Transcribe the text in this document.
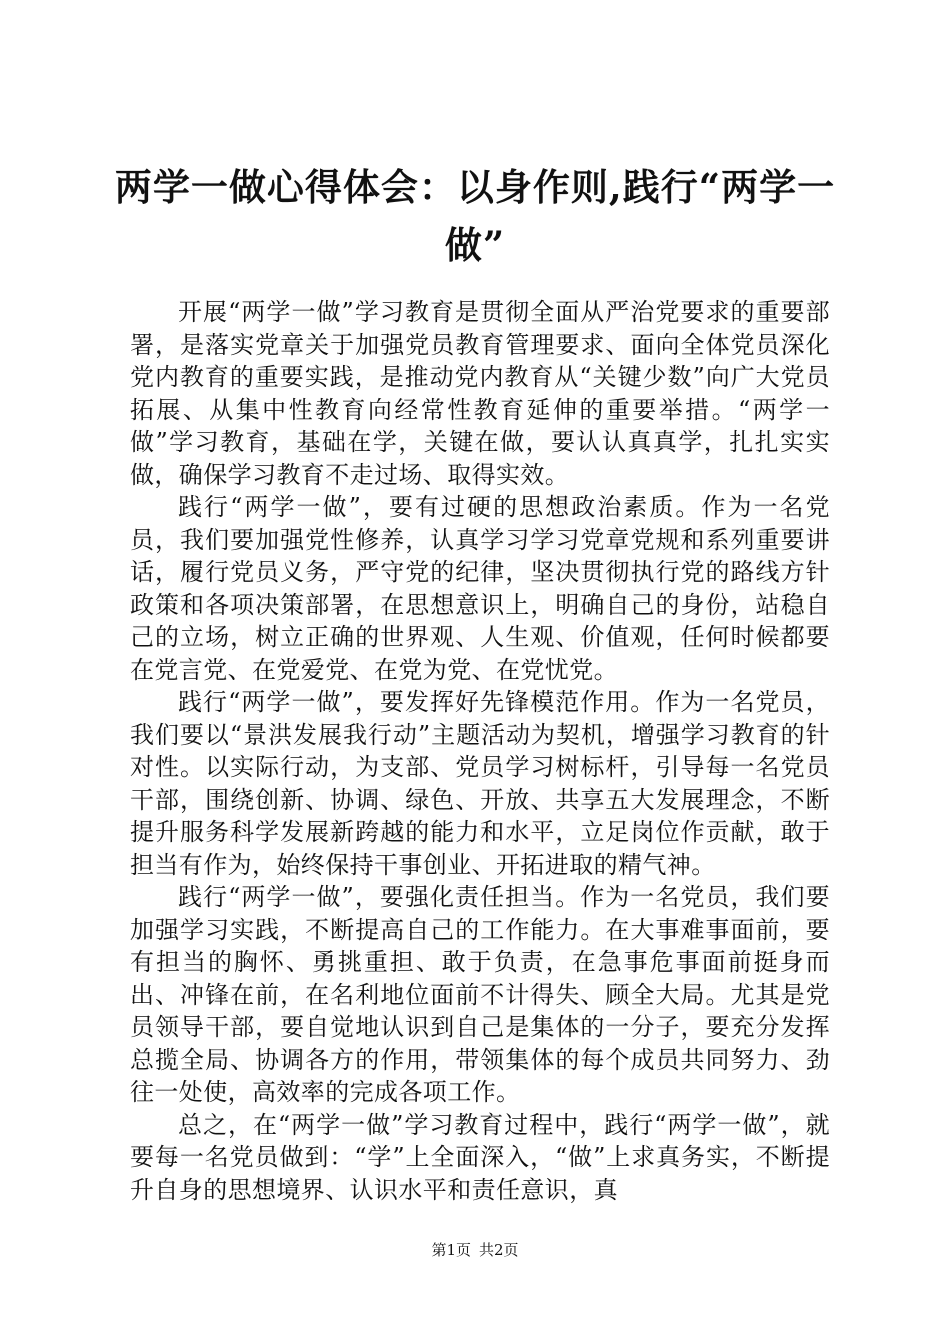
两学一做心得体会：以身作则,践行“两学一做”

开展“两学一做”学习教育是贯彻全面从严治党要求的重要部署，是落实党章关于加强党员教育管理要求、面向全体党员深化党内教育的重要实践，是推动党内教育从“关键少数”向广大党员拓展、从集中性教育向经常性教育延伸的重要举措。“两学一做”学习教育，基础在学，关键在做，要认认真真学，扎扎实实做，确保学习教育不走过场、取得实效。

践行“两学一做”，要有过硬的思想政治素质。作为一名党员，我们要加强党性修养，认真学习学习党章党规和系列重要讲话，履行党员义务，严守党的纪律，坚决贯彻执行党的路线方针政策和各项决策部署，在思想意识上，明确自己的身份，站稳自己的立场，树立正确的世界观、人生观、价值观，任何时候都要在党言党、在党爱党、在党为党、在党忧党。

践行“两学一做”，要发挥好先锋模范作用。作为一名党员，我们要以“景洪发展我行动”主题活动为契机，增强学习教育的针对性。以实际行动，为支部、党员学习树标杆，引导每一名党员干部，围绕创新、协调、绿色、开放、共享五大发展理念，不断提升服务科学发展新跨越的能力和水平，立足岗位作贡献，敢于担当有作为，始终保持干事创业、开拓进取的精气神。

践行“两学一做”，要强化责任担当。作为一名党员，我们要加强学习实践，不断提高自己的工作能力。在大事难事面前，要有担当的胸怀、勇挑重担、敢于负责，在急事危事面前挺身而出、冲锋在前，在名利地位面前不计得失、顾全大局。尤其是党员领导干部，要自觉地认识到自己是集体的一分子，要充分发挥总揽全局、协调各方的作用，带领集体的每个成员共同努力、劲往一处使，高效率的完成各项工作。

总之，在“两学一做”学习教育过程中，践行“两学一做”，就要每一名党员做到：“学”上全面深入，“做”上求真务实，不断提升自身的思想境界、认识水平和责任意识，真

第1页 共2页
